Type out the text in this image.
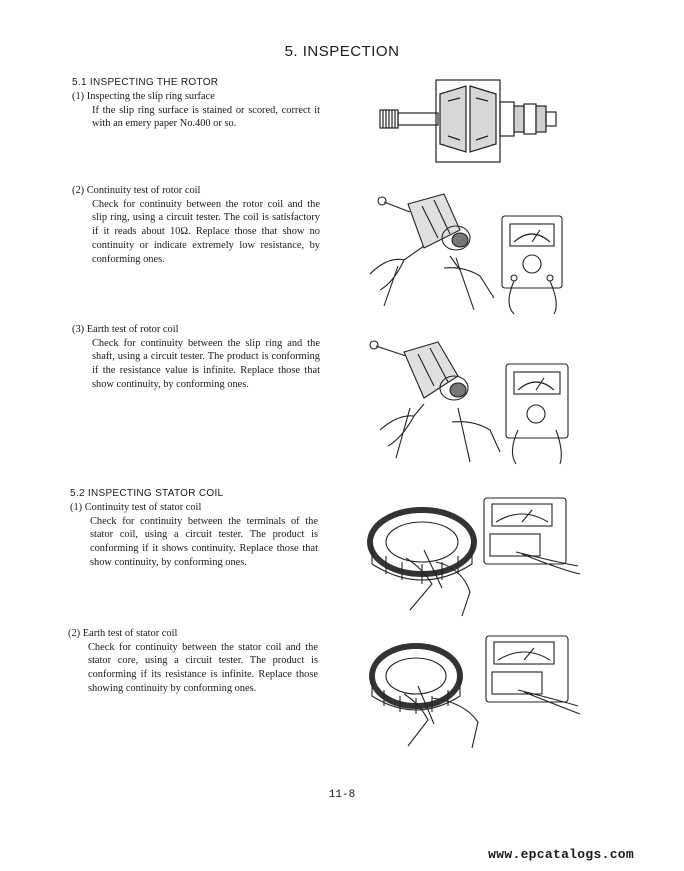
5. INSPECTION
5.1 INSPECTING THE ROTOR
(1) Inspecting the slip ring surface

If the slip ring surface is stained or scored, correct it with an emery paper No.400 or so.

(2) Continuity test of rotor coil

Check for continuity between the rotor coil and the slip ring, using a circuit tester. The coil is satisfactory if it reads about 10Ω. Replace those that show no continuity or indicate extremely low resistance, by conforming ones.

(3) Earth test of rotor coil

Check for continuity between the slip ring and the shaft, using a circuit tester. The product is conforming if the resistance value is infinite. Replace those that show continuity, by conforming ones.

5.2 INSPECTING STATOR COIL
(1) Continuity test of stator coil

Check for continuity between the terminals of the stator coil, using a circuit tester. The product is conforming if it shows continuity. Replace those that show continuity, by conforming ones.

(2) Earth test of stator coil

Check for continuity between the stator coil and the stator core, using a circuit tester. The product is conforming if its resistance is infinite. Replace those showing continuity by conforming ones.

11-8
www.epcatalogs.com
